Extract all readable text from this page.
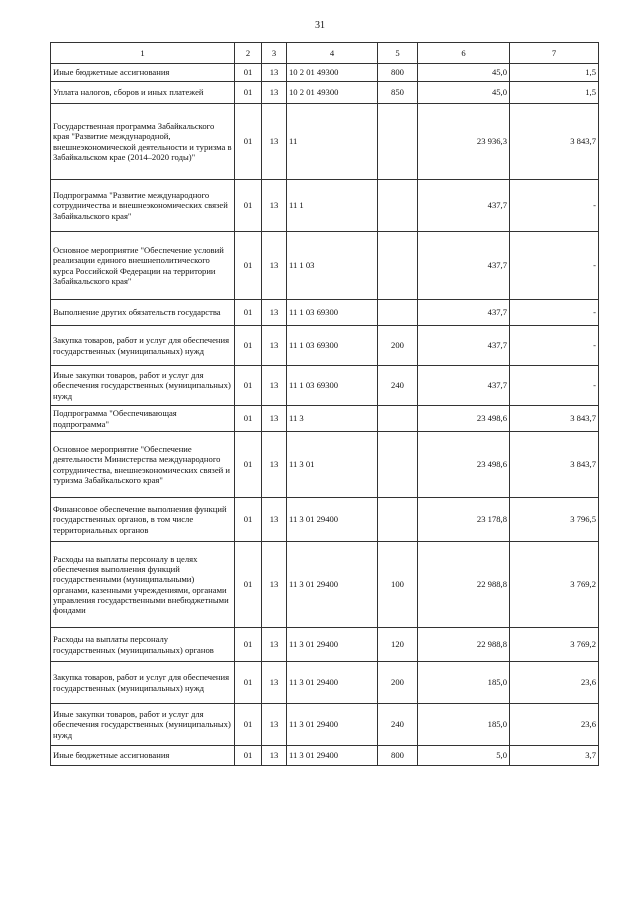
31
1	2	3	4	5	6	7
Иные бюджетные ассигнования	01	13	10 2 01 49300	800	45,0	1,5
Уплата налогов, сборов и иных платежей	01	13	10 2 01 49300	850	45,0	1,5
Государственная программа Забайкальского края "Развитие международной, внешнеэкономической деятельности и туризма в Забайкальском крае (2014–2020 годы)"	01	13	11		23 936,3	3 843,7
Подпрограмма "Развитие международного сотрудничества и внешнеэкономических связей Забайкальского края"	01	13	11 1		437,7	-
Основное мероприятие "Обеспечение условий реализации единого внешнеполитического курса Российской Федерации на территории Забайкальского края"	01	13	11 1 03		437,7	-
Выполнение других обязательств государства	01	13	11 1 03 69300		437,7	-
Закупка товаров, работ и услуг для обеспечения государственных (муниципальных) нужд	01	13	11 1 03 69300	200	437,7	-
Иные закупки товаров, работ и услуг для обеспечения государственных (муниципальных) нужд	01	13	11 1 03 69300	240	437,7	-
Подпрограмма "Обеспечивающая подпрограмма"	01	13	11 3		23 498,6	3 843,7
Основное мероприятие "Обеспечение деятельности Министерства международного сотрудничества, внешнеэкономических связей и туризма Забайкальского края"	01	13	11 3 01		23 498,6	3 843,7
Финансовое обеспечение выполнения функций государственных органов, в том числе территориальных органов	01	13	11 3 01 29400		23 178,8	3 796,5
Расходы на выплаты персоналу в целях обеспечения выполнения функций государственными (муниципальными) органами, казенными учреждениями, органами управления государственными внебюджетными фондами	01	13	11 3 01 29400	100	22 988,8	3 769,2
Расходы на выплаты персоналу государственных (муниципальных) органов	01	13	11 3 01 29400	120	22 988,8	3 769,2
Закупка товаров, работ и услуг для обеспечения государственных (муниципальных) нужд	01	13	11 3 01 29400	200	185,0	23,6
Иные закупки товаров, работ и услуг для обеспечения государственных (муниципальных) нужд	01	13	11 3 01 29400	240	185,0	23,6
Иные бюджетные ассигнования	01	13	11 3 01 29400	800	5,0	3,7
